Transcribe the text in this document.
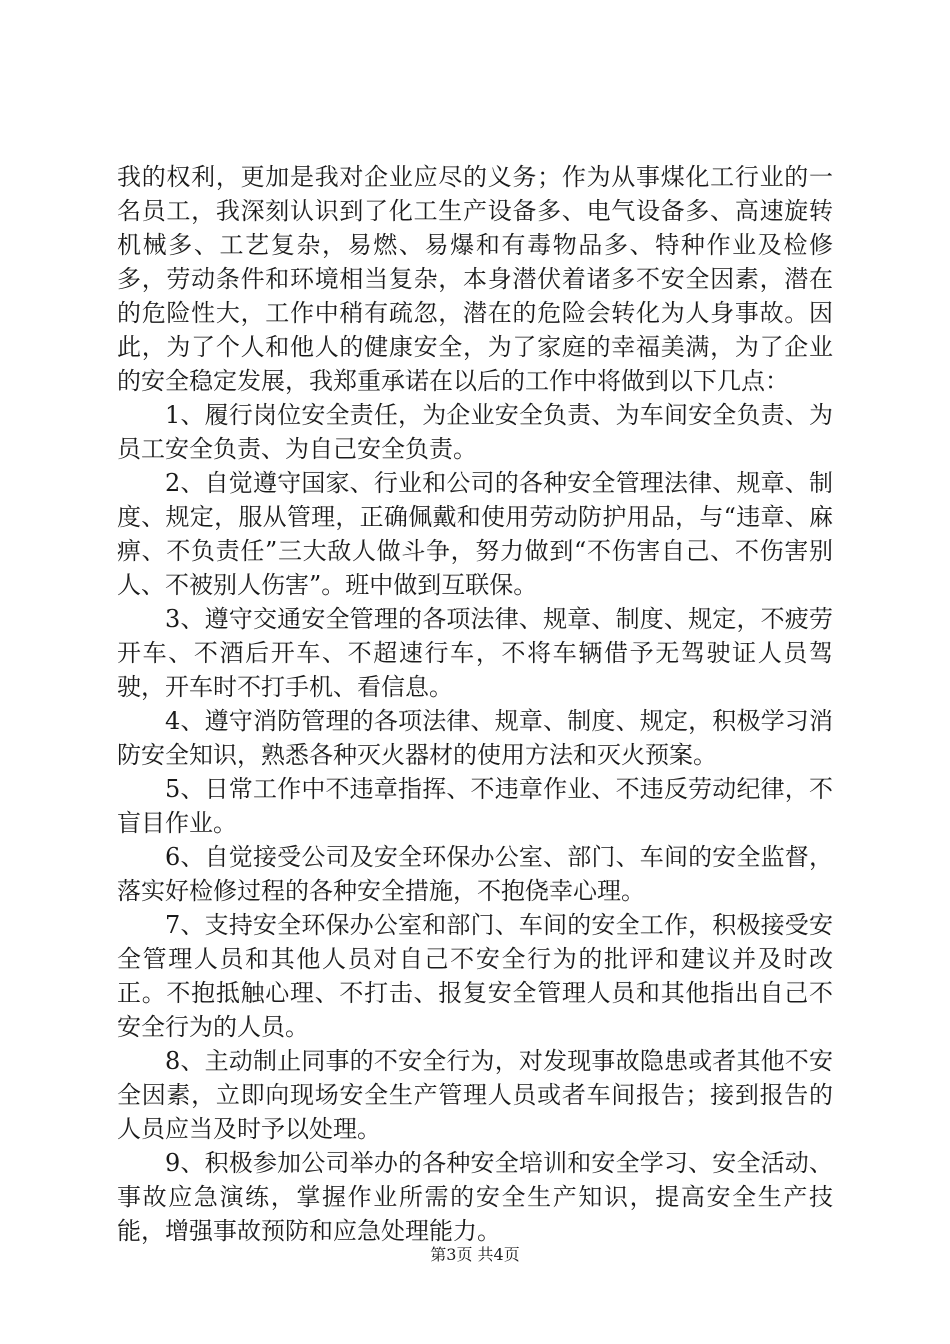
我的权利，更加是我对企业应尽的义务；作为从事煤化工行业的一名员工，我深刻认识到了化工生产设备多、电气设备多、高速旋转机械多、工艺复杂，易燃、易爆和有毒物品多、特种作业及检修多，劳动条件和环境相当复杂，本身潜伏着诸多不安全因素，潜在的危险性大，工作中稍有疏忽，潜在的危险会转化为人身事故。因此，为了个人和他人的健康安全，为了家庭的幸福美满，为了企业的安全稳定发展，我郑重承诺在以后的工作中将做到以下几点：

1、履行岗位安全责任，为企业安全负责、为车间安全负责、为员工安全负责、为自己安全负责。

2、自觉遵守国家、行业和公司的各种安全管理法律、规章、制度、规定，服从管理，正确佩戴和使用劳动防护用品，与“违章、麻痹、不负责任”三大敌人做斗争，努力做到“不伤害自己、不伤害别人、不被别人伤害”。班中做到互联保。

3、遵守交通安全管理的各项法律、规章、制度、规定，不疲劳开车、不酒后开车、不超速行车，不将车辆借予无驾驶证人员驾驶，开车时不打手机、看信息。

4、遵守消防管理的各项法律、规章、制度、规定，积极学习消防安全知识，熟悉各种灭火器材的使用方法和灭火预案。

5、日常工作中不违章指挥、不违章作业、不违反劳动纪律，不盲目作业。

6、自觉接受公司及安全环保办公室、部门、车间的安全监督，落实好检修过程的各种安全措施，不抱侥幸心理。

7、支持安全环保办公室和部门、车间的安全工作，积极接受安全管理人员和其他人员对自己不安全行为的批评和建议并及时改正。不抱抵触心理、不打击、报复安全管理人员和其他指出自己不安全行为的人员。

8、主动制止同事的不安全行为，对发现事故隐患或者其他不安全因素，立即向现场安全生产管理人员或者车间报告；接到报告的人员应当及时予以处理。

9、积极参加公司举办的各种安全培训和安全学习、安全活动、事故应急演练，掌握作业所需的安全生产知识，提高安全生产技能，增强事故预防和应急处理能力。

第3页 共4页
